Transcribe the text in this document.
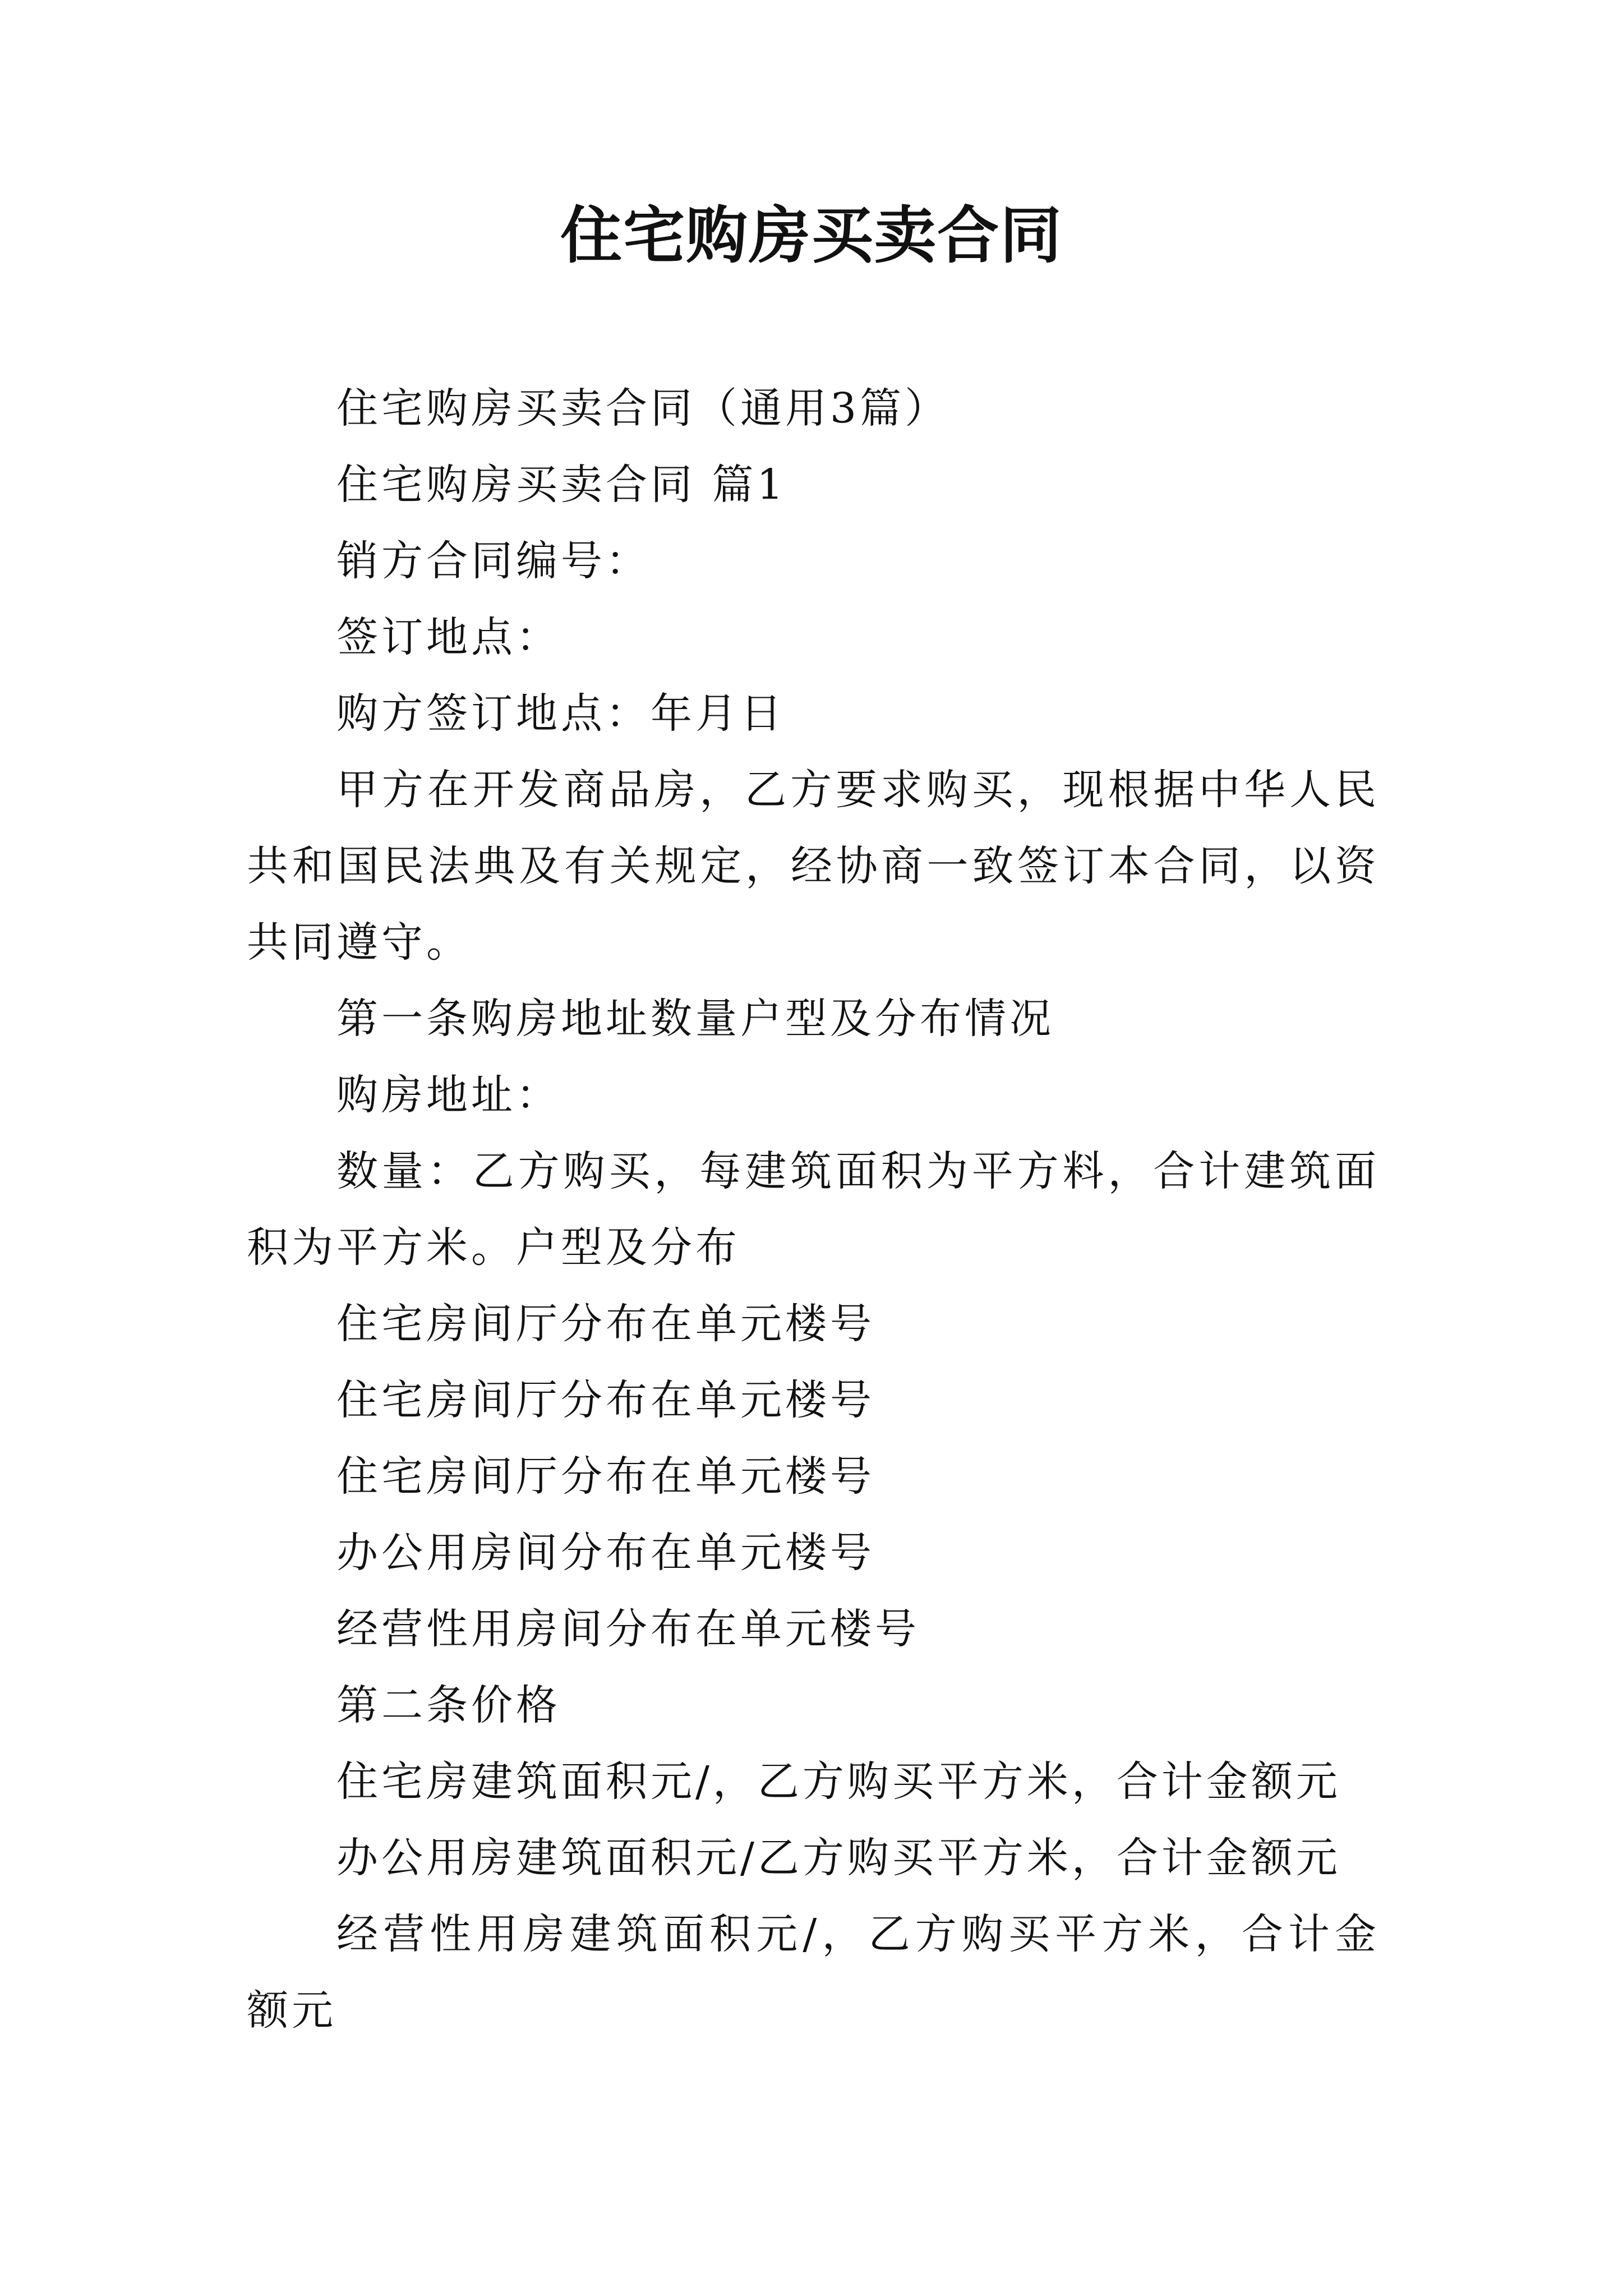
住宅购房买卖合同

住宅购房买卖合同（通用3篇）

住宅购房买卖合同 篇1

销方合同编号：

签订地点：

购方签订地点：年月日

甲方在开发商品房，乙方要求购买，现根据中华人民共和国民法典及有关规定，经协商一致签订本合同，以资共同遵守。

第一条购房地址数量户型及分布情况

购房地址：

数量：乙方购买，每建筑面积为平方料，合计建筑面积为平方米。户型及分布

住宅房间厅分布在单元楼号

住宅房间厅分布在单元楼号

住宅房间厅分布在单元楼号

办公用房间分布在单元楼号

经营性用房间分布在单元楼号

第二条价格

住宅房建筑面积元/，乙方购买平方米，合计金额元

办公用房建筑面积元/乙方购买平方米，合计金额元

经营性用房建筑面积元/，乙方购买平方米，合计金额元
